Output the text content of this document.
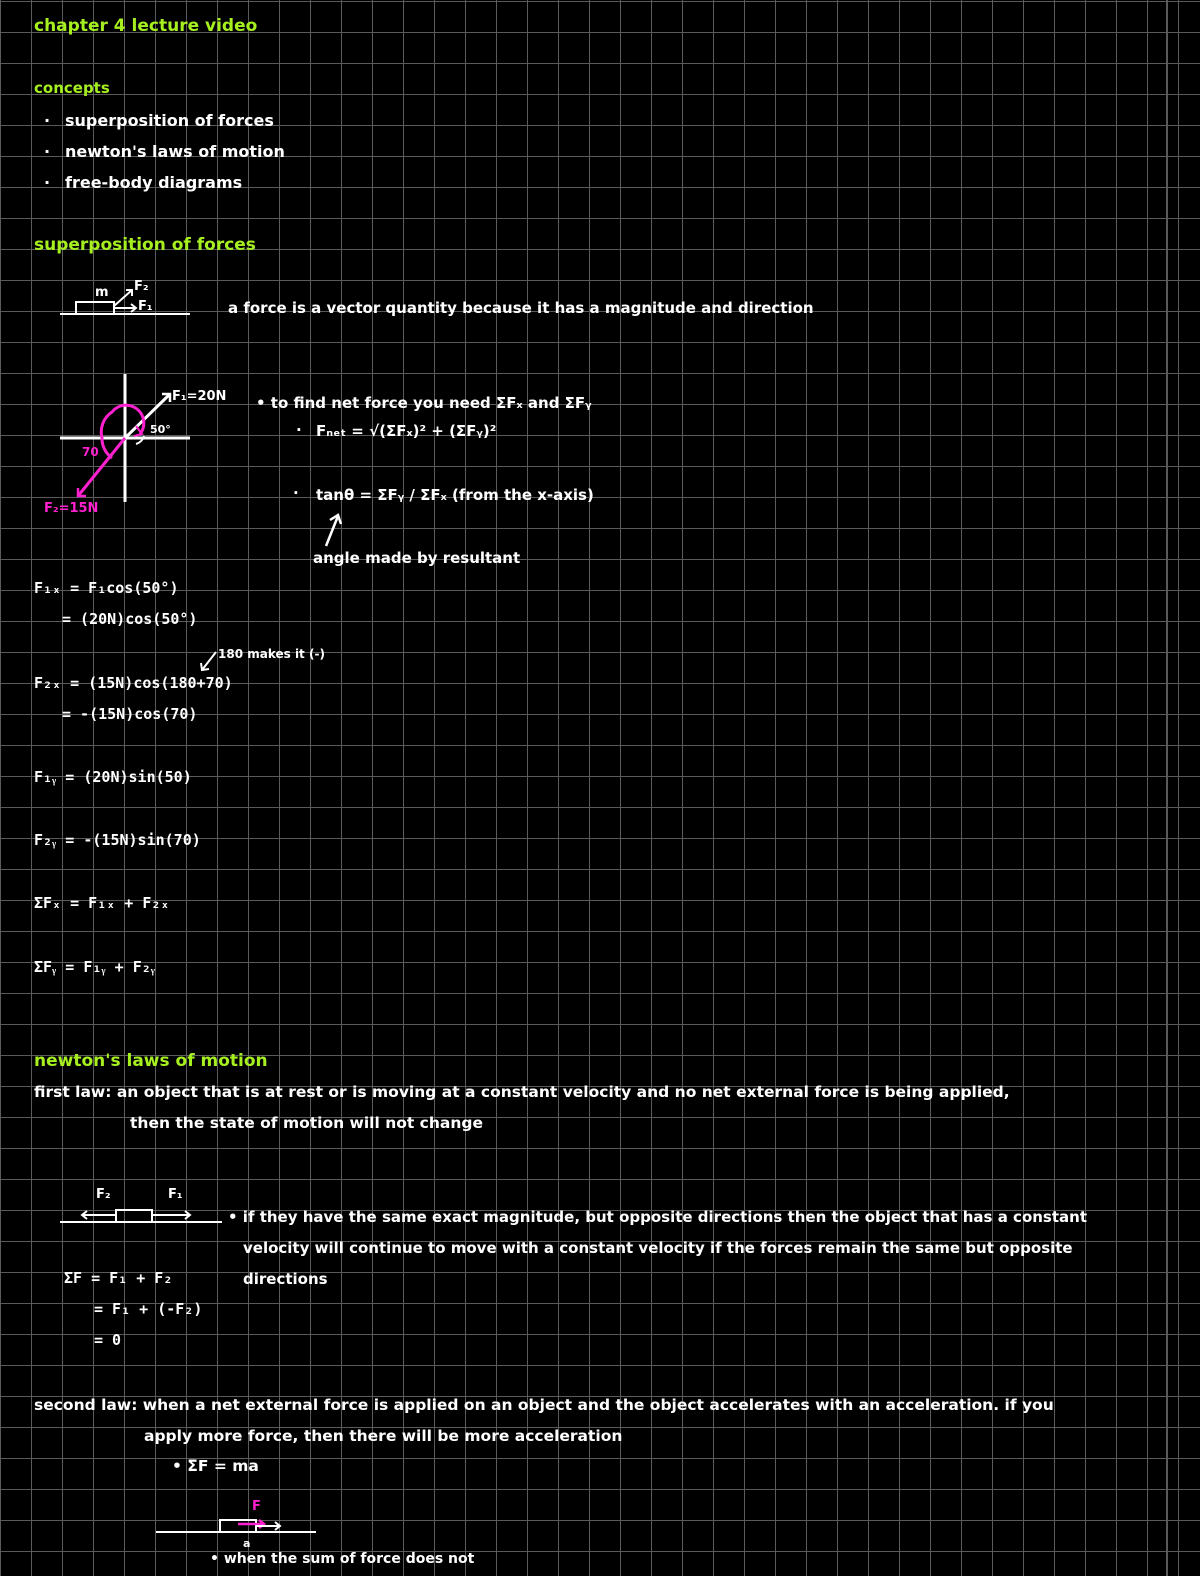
chapter 4 lecture video
concepts
· superposition of forces
· newton's laws of motion
· free-body diagrams
superposition of forces
m F₂
F₁	a force is a vector quantity because it has a magnitude and direction
F₁=20N
F₂=15N
50°
70
• to find net force you need ΣFₓ and ΣFᵧ
· Fₙₑₜ = √(ΣFₓ)² + (ΣFᵧ)²
· tanθ = ΣFᵧ / ΣFₓ (from the x-axis)
angle made by resultant
F₁ₓ = F₁cos(50°)
= (20N)cos(50°)
180 makes it (-)
F₂ₓ = (15N)cos(180+70)
= -(15N)cos(70)
F₁ᵧ = (20N)sin(50)
F₂ᵧ = -(15N)sin(70)
ΣFₓ = F₁ₓ + F₂ₓ
ΣFᵧ = F₁ᵧ + F₂ᵧ
newton's laws of motion
first law: an object that is at rest or is moving at a constant velocity and no net external force is being applied,
then the state of motion will not change
F₂	F₁
• if they have the same exact magnitude, but opposite directions then the object that has a constant
velocity will continue to move with a constant velocity if the forces remain the same but opposite
directions
ΣF = F₁ + F₂
= F₁ + (-F₂)
= 0
second law: when a net external force is applied on an object and the object accelerates with an acceleration. if you
apply more force, then there will be more acceleration
• ΣF = ma
F
a
• when the sum of force does not
